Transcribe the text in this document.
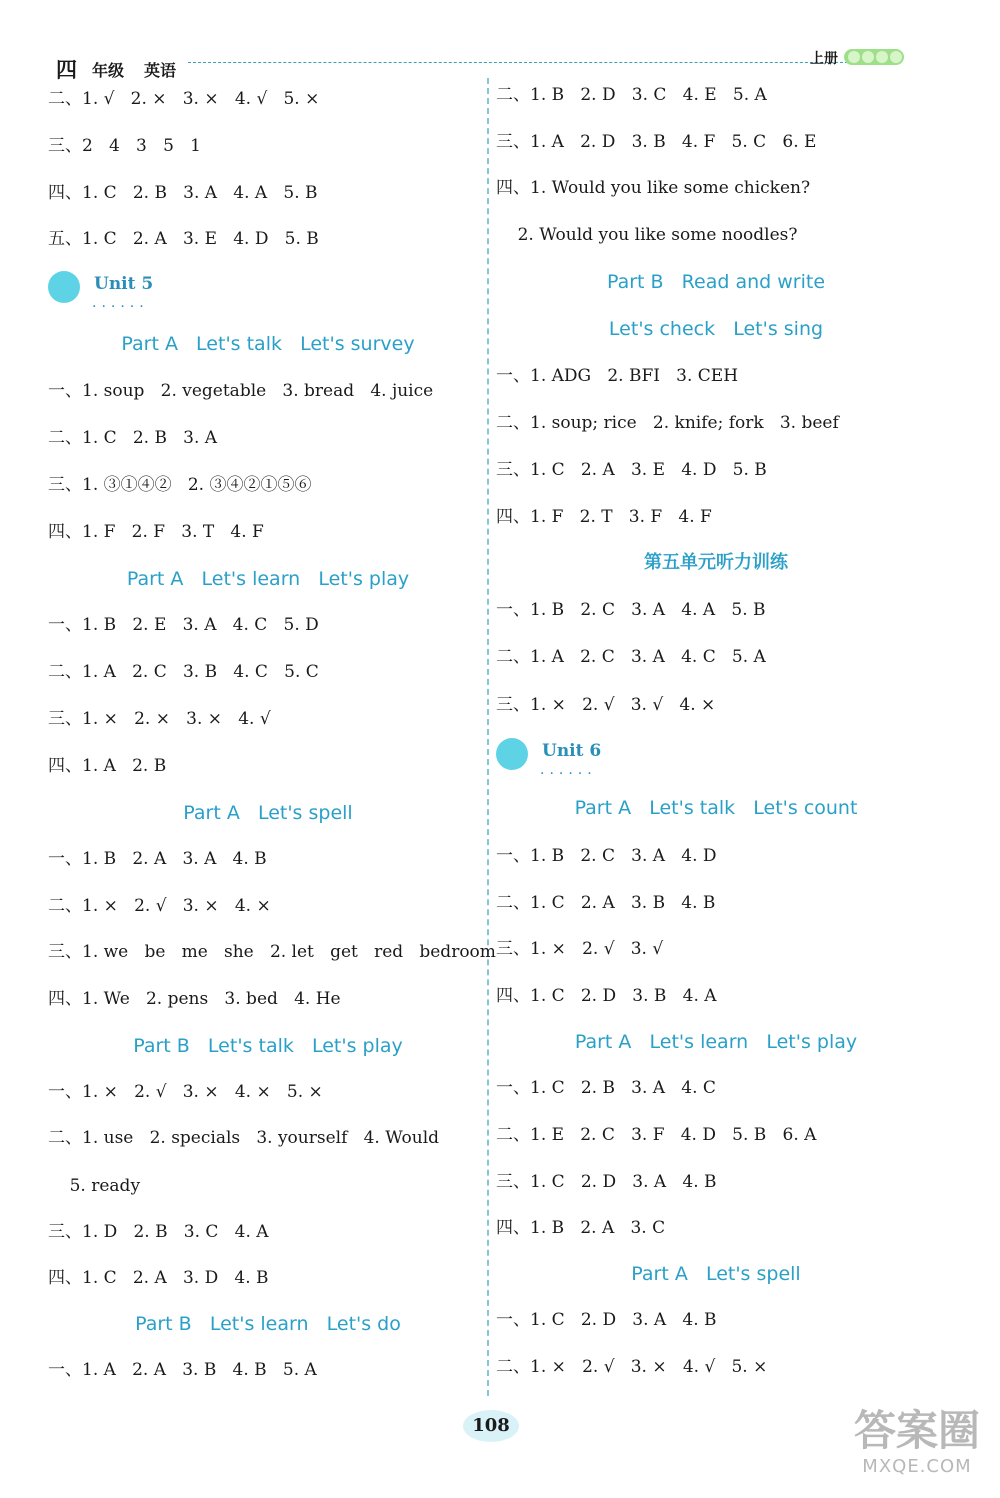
四 年级 英语
上册
二、1. √   2. ×   3. ×   4. √   5. ×
三、2   4   3   5   1
四、1. C   2. B   3. A   4. A   5. B
五、1. C   2. A   3. E   4. D   5. B
Unit 5
......
Part A   Let's talk   Let's survey
一、1. soup   2. vegetable   3. bread   4. juice
二、1. C   2. B   3. A
三、1. ③①④②   2. ③④②①⑤⑥
四、1. F   2. F   3. T   4. F
Part A   Let's learn   Let's play
一、1. B   2. E   3. A   4. C   5. D
二、1. A   2. C   3. B   4. C   5. C
三、1. ×   2. ×   3. ×   4. √
四、1. A   2. B
Part A   Let's spell
一、1. B   2. A   3. A   4. B
二、1. ×   2. √   3. ×   4. ×
三、1. we   be   me   she   2. let   get   red   bedroom
四、1. We   2. pens   3. bed   4. He
Part B   Let's talk   Let's play
一、1. ×   2. √   3. ×   4. ×   5. ×
二、1. use   2. specials   3. yourself   4. Would
5. ready
三、1. D   2. B   3. C   4. A
四、1. C   2. A   3. D   4. B
Part B   Let's learn   Let's do
一、1. A   2. A   3. B   4. B   5. A
二、1. B   2. D   3. C   4. E   5. A
三、1. A   2. D   3. B   4. F   5. C   6. E
四、1. Would you like some chicken?
2. Would you like some noodles?
Part B   Read and write
Let's check   Let's sing
一、1. ADG   2. BFI   3. CEH
二、1. soup; rice   2. knife; fork   3. beef
三、1. C   2. A   3. E   4. D   5. B
四、1. F   2. T   3. F   4. F
第五单元听力训练
一、1. B   2. C   3. A   4. A   5. B
二、1. A   2. C   3. A   4. C   5. A
三、1. ×   2. √   3. √   4. ×
Unit 6
......
Part A   Let's talk   Let's count
一、1. B   2. C   3. A   4. D
二、1. C   2. A   3. B   4. B
三、1. ×   2. √   3. √
四、1. C   2. D   3. B   4. A
Part A   Let's learn   Let's play
一、1. C   2. B   3. A   4. C
二、1. E   2. C   3. F   4. D   5. B   6. A
三、1. C   2. D   3. A   4. B
四、1. B   2. A   3. C
Part A   Let's spell
一、1. C   2. D   3. A   4. B
二、1. ×   2. √   3. ×   4. √   5. ×
108	答案圈
MXQE.COM
